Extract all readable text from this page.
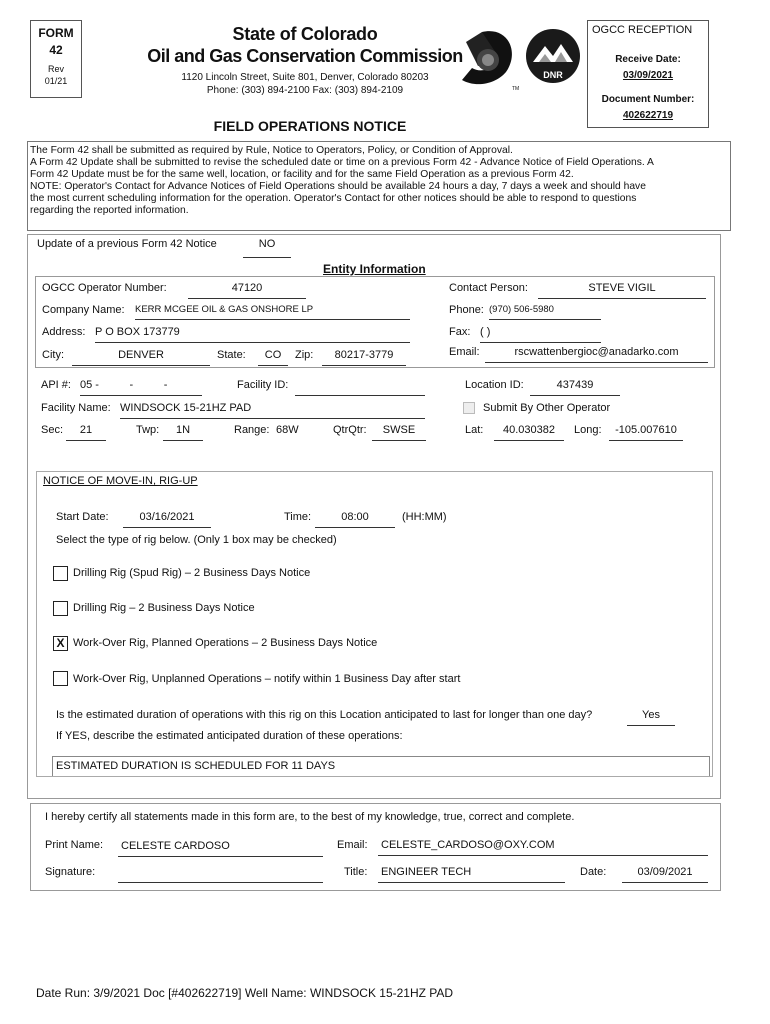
FORM
42
Rev
01/21
State of Colorado
Oil and Gas Conservation Commission
1120 Lincoln Street, Suite 801, Denver, Colorado 80203
Phone: (303) 894-2100 Fax: (303) 894-2109
DNR
TM
OGCC RECEPTION
Receive Date:
03/09/2021
Document Number:
402622719
FIELD OPERATIONS NOTICE
The Form 42 shall be submitted as required by Rule, Notice to Operators, Policy, or Condition of Approval.
A Form 42 Update shall be submitted to revise the scheduled date or time on a previous Form 42 - Advance Notice of Field Operations. A
Form 42 Update must be for the same well, location, or facility and for the same Field Operation as a previous Form 42.
NOTE: Operator's Contact for Advance Notices of Field Operations should be available 24 hours a day, 7 days a week and should have
the most current scheduling information for the operation. Operator's Contact for other notices should be able to respond to questions
regarding the reported information.
Update of a previous Form 42 Notice	NO
Entity Information
OGCC Operator Number:	47120	Contact Person:	STEVE VIGIL
Company Name: KERR MCGEE OIL & GAS ONSHORE LP	Phone: (970) 506-5980
Address: P O BOX 173779	Fax: ( )
City:	DENVER	State:	CO	Zip:	80217-3779	Email:	rscwattenbergioc@anadarko.com
API #: 05 -          -          -	Facility ID:	Location ID:	437439
Facility Name: WINDSOCK 15-21HZ PAD	Submit By Other Operator
Sec:	21	Twp:	1N	Range: 68W	QtrQtr:	SWSE	Lat:	40.030382	Long:	-105.007610
NOTICE OF MOVE-IN, RIG-UP
Start Date:	03/16/2021	Time:	08:00	(HH:MM)
Select the type of rig below. (Only 1 box may be checked)
Drilling Rig (Spud Rig) – 2 Business Days Notice
Drilling Rig – 2 Business Days Notice
X Work-Over Rig, Planned Operations – 2 Business Days Notice
Work-Over Rig, Unplanned Operations – notify within 1 Business Day after start
Is the estimated duration of operations with this rig on this Location anticipated to last for longer than one day?	Yes
If YES, describe the estimated anticipated duration of these operations:
ESTIMATED DURATION IS SCHEDULED FOR 11 DAYS
I hereby certify all statements made in this form are, to the best of my knowledge, true, correct and complete.
Print Name: CELESTE CARDOSO	Email: CELESTE_CARDOSO@OXY.COM
Signature:	Title: ENGINEER TECH	Date:	03/09/2021
Date Run: 3/9/2021 Doc [#402622719] Well Name: WINDSOCK 15-21HZ PAD
